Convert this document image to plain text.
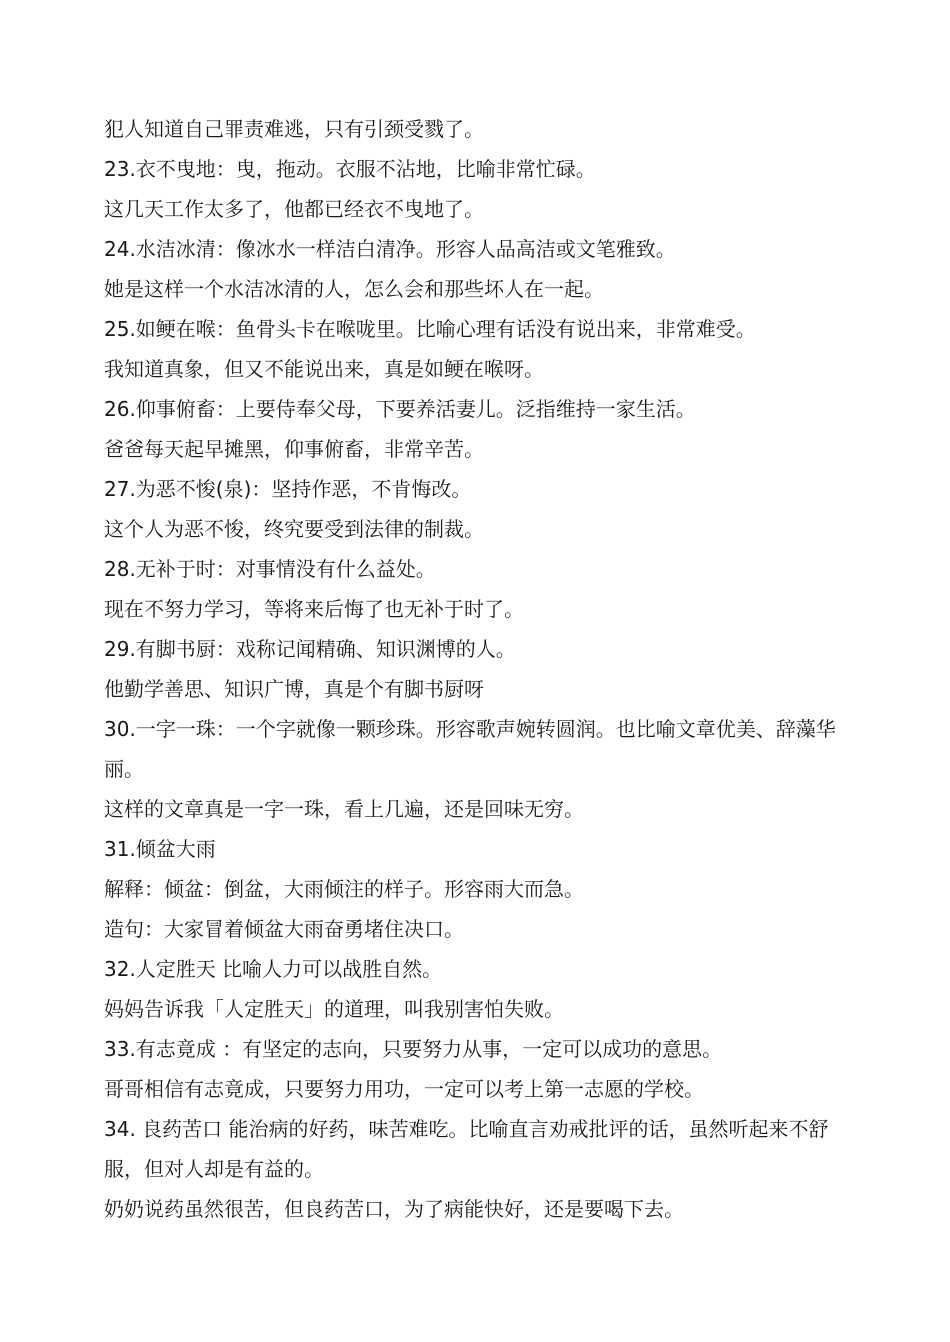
犯人知道自己罪责难逃，只有引颈受戮了。

23.衣不曳地：曳，拖动。衣服不沾地，比喻非常忙碌。

这几天工作太多了，他都已经衣不曳地了。

24.水洁冰清：像冰水一样洁白清净。形容人品高洁或文笔雅致。

她是这样一个水洁冰清的人，怎么会和那些坏人在一起。

25.如鲠在喉：鱼骨头卡在喉咙里。比喻心理有话没有说出来，非常难受。

我知道真象，但又不能说出来，真是如鲠在喉呀。

26.仰事俯畜：上要侍奉父母，下要养活妻儿。泛指维持一家生活。

爸爸每天起早摊黑，仰事俯畜，非常辛苦。

27.为恶不悛(泉)：坚持作恶，不肯悔改。

这个人为恶不悛，终究要受到法律的制裁。

28.无补于时：对事情没有什么益处。

现在不努力学习，等将来后悔了也无补于时了。

29.有脚书厨：戏称记闻精确、知识渊博的人。

他勤学善思、知识广博，真是个有脚书厨呀

30.一字一珠：一个字就像一颗珍珠。形容歌声婉转圆润。也比喻文章优美、辞藻华丽。

这样的文章真是一字一珠，看上几遍，还是回味无穷。

31.倾盆大雨

解释：倾盆：倒盆，大雨倾注的样子。形容雨大而急。

造句：大家冒着倾盆大雨奋勇堵住决口。

32.人定胜天 比喻人力可以战胜自然。

妈妈告诉我「人定胜天」的道理，叫我别害怕失败。

33.有志竟成 ：有坚定的志向，只要努力从事，一定可以成功的意思。

哥哥相信有志竟成，只要努力用功，一定可以考上第一志愿的学校。

34. 良药苦口 能治病的好药，味苦难吃。比喻直言劝戒批评的话，虽然听起来不舒服，但对人却是有益的。

奶奶说药虽然很苦，但良药苦口，为了病能快好，还是要喝下去。
